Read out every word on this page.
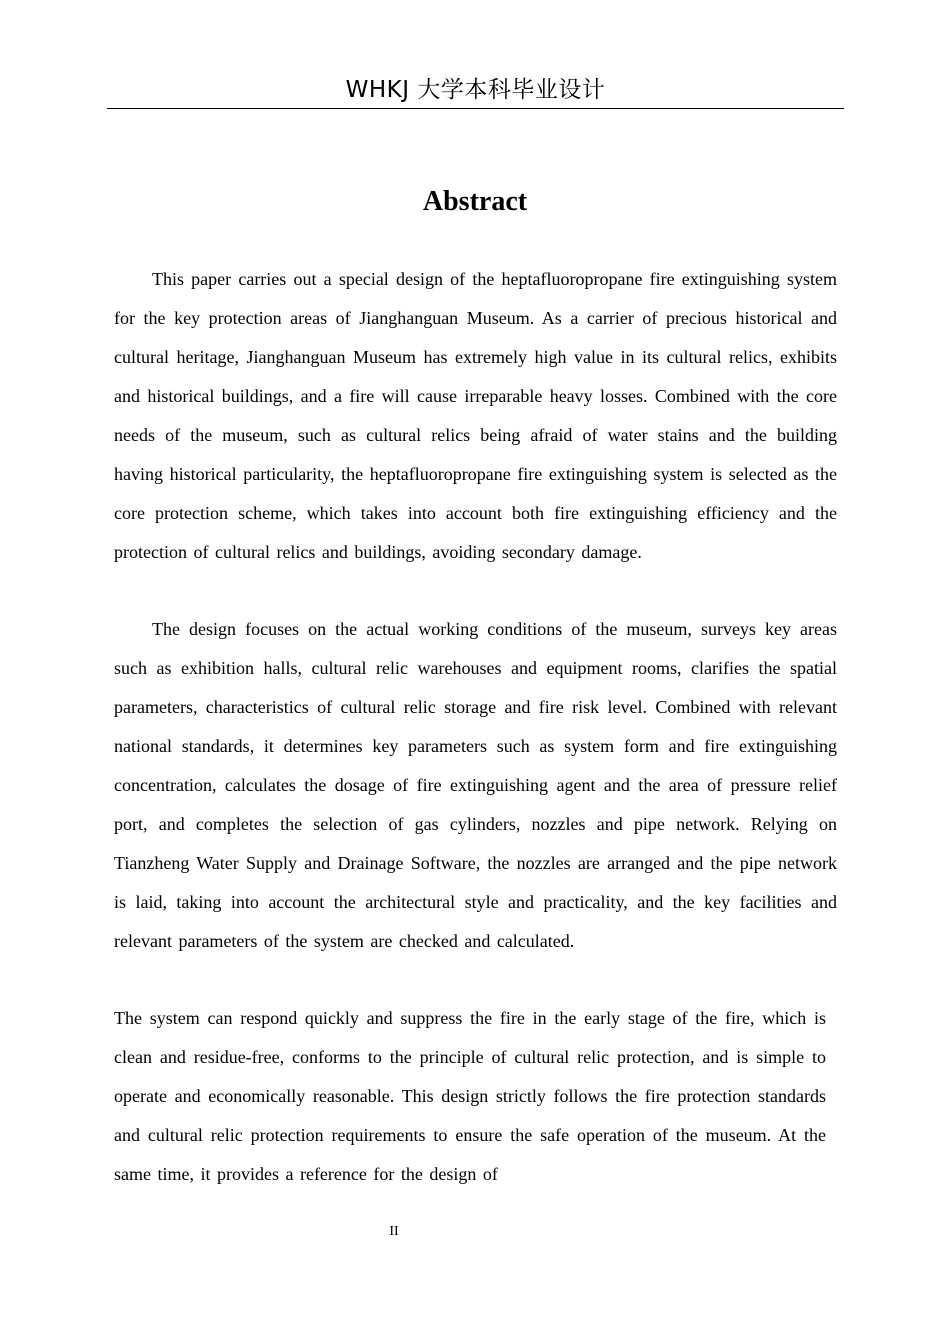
WHKJ 大学本科毕业设计
Abstract

This paper carries out a special design of the heptafluoropropane fire extinguishing system for the key protection areas of Jianghanguan Museum. As a carrier of precious historical and cultural heritage, Jianghanguan Museum has extremely high value in its cultural relics, exhibits and historical buildings, and a fire will cause irreparable heavy losses. Combined with the core needs of the museum, such as cultural relics being afraid of water stains and the building having historical particularity, the heptafluoropropane fire extinguishing system is selected as the core protection scheme, which takes into account both fire extinguishing efficiency and the protection of cultural relics and buildings, avoiding secondary damage.

The design focuses on the actual working conditions of the museum, surveys key areas such as exhibition halls, cultural relic warehouses and equipment rooms, clarifies the spatial parameters, characteristics of cultural relic storage and fire risk level. Combined with relevant national standards, it determines key parameters such as system form and fire extinguishing concentration, calculates the dosage of fire extinguishing agent and the area of pressure relief port, and completes the selection of gas cylinders, nozzles and pipe network. Relying on Tianzheng Water Supply and Drainage Software, the nozzles are arranged and the pipe network is laid, taking into account the architectural style and practicality, and the key facilities and relevant parameters of the system are checked and calculated.

The system can respond quickly and suppress the fire in the early stage of the fire, which is clean and residue-free, conforms to the principle of cultural relic protection, and is simple to operate and economically reasonable. This design strictly follows the fire protection standards and cultural relic protection requirements to ensure the safe operation of the museum. At the same time, it provides a reference for the design of

II
